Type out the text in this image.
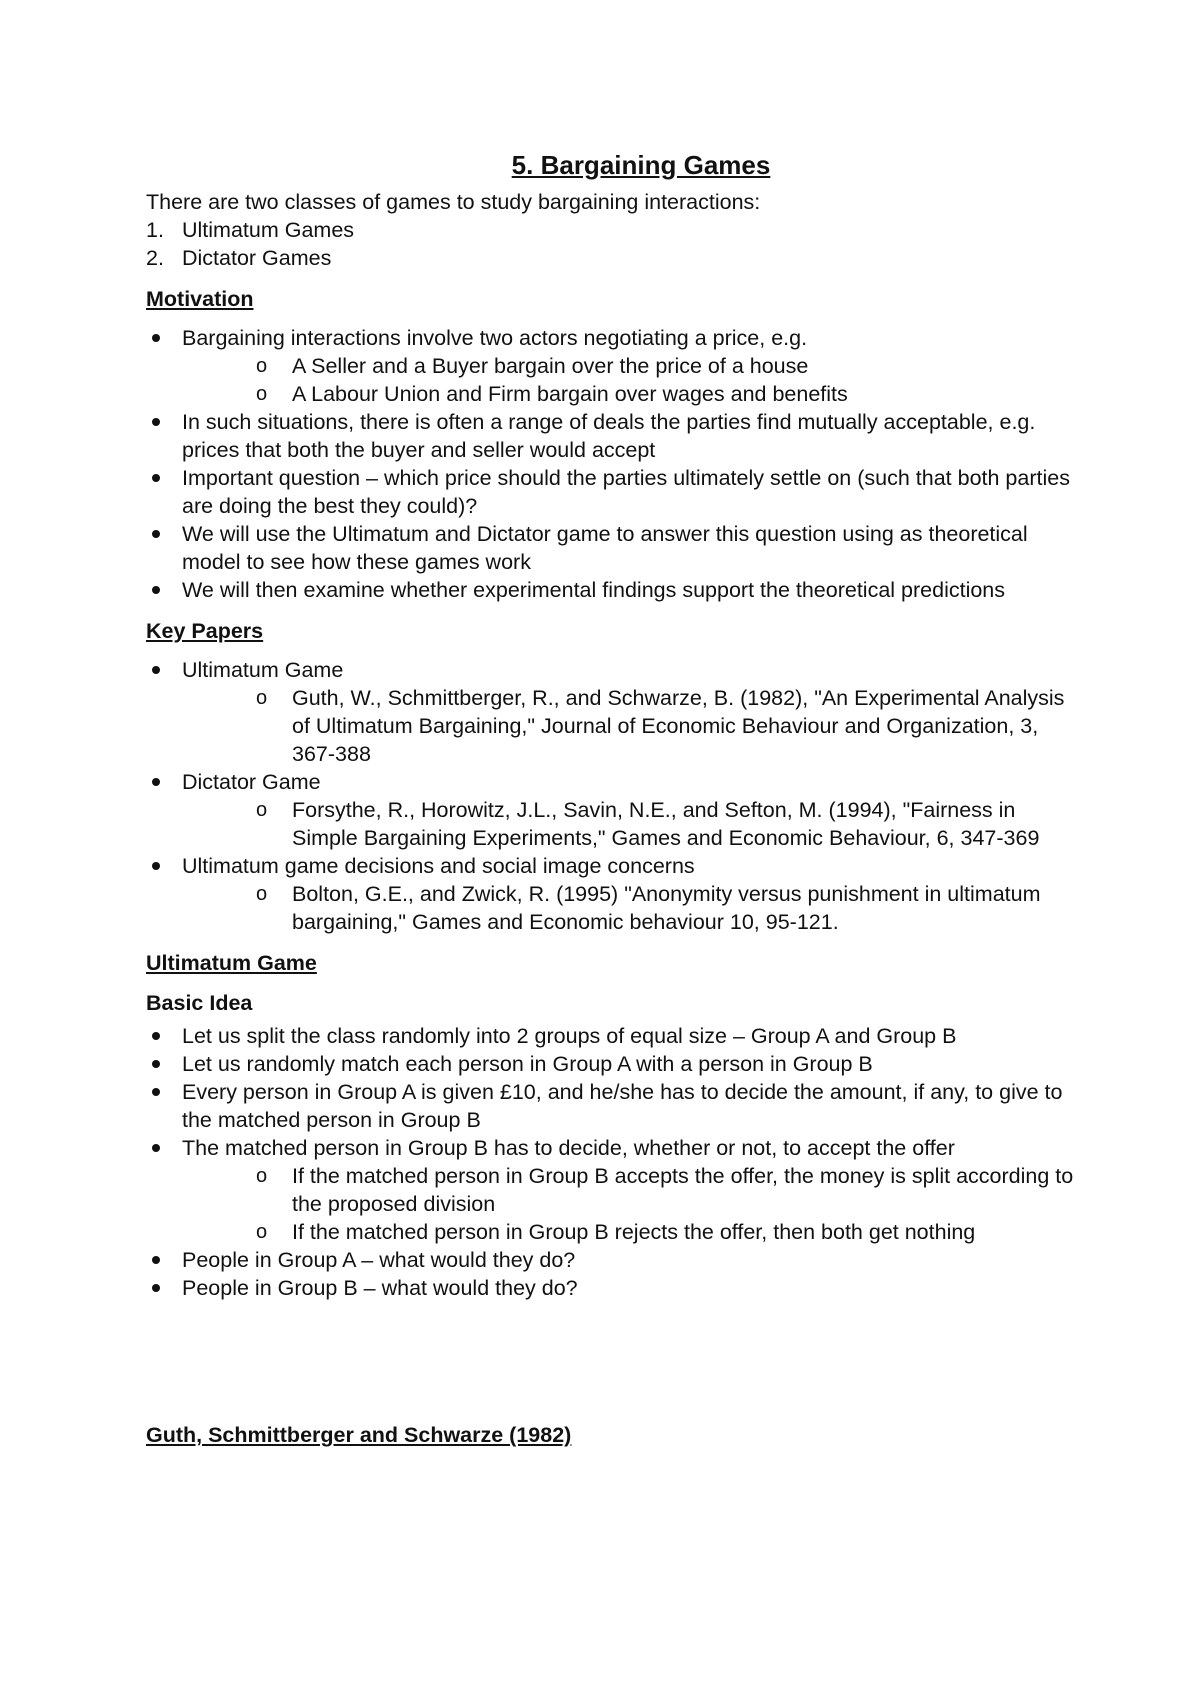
5. Bargaining Games

There are two classes of games to study bargaining interactions:

1. Ultimatum Games
2. Dictator Games
Motivation
Bargaining interactions involve two actors negotiating a price, e.g.
o A Seller and a Buyer bargain over the price of a house
o A Labour Union and Firm bargain over wages and benefits
In such situations, there is often a range of deals the parties find mutually acceptable, e.g. prices that both the buyer and seller would accept
Important question – which price should the parties ultimately settle on (such that both parties are doing the best they could)?
We will use the Ultimatum and Dictator game to answer this question using as theoretical model to see how these games work
We will then examine whether experimental findings support the theoretical predictions
Key Papers
Ultimatum Game
o Guth, W., Schmittberger, R., and Schwarze, B. (1982), "An Experimental Analysis of Ultimatum Bargaining," Journal of Economic Behaviour and Organization, 3, 367-388
Dictator Game
o Forsythe, R., Horowitz, J.L., Savin, N.E., and Sefton, M. (1994), "Fairness in Simple Bargaining Experiments," Games and Economic Behaviour, 6, 347-369
Ultimatum game decisions and social image concerns
o Bolton, G.E., and Zwick, R. (1995) "Anonymity versus punishment in ultimatum bargaining," Games and Economic behaviour 10, 95-121.
Ultimatum Game
Basic Idea
Let us split the class randomly into 2 groups of equal size – Group A and Group B
Let us randomly match each person in Group A with a person in Group B
Every person in Group A is given £10, and he/she has to decide the amount, if any, to give to the matched person in Group B
The matched person in Group B has to decide, whether or not, to accept the offer
o If the matched person in Group B accepts the offer, the money is split according to the proposed division
o If the matched person in Group B rejects the offer, then both get nothing
People in Group A – what would they do?
People in Group B – what would they do?
Guth, Schmittberger and Schwarze (1982)
